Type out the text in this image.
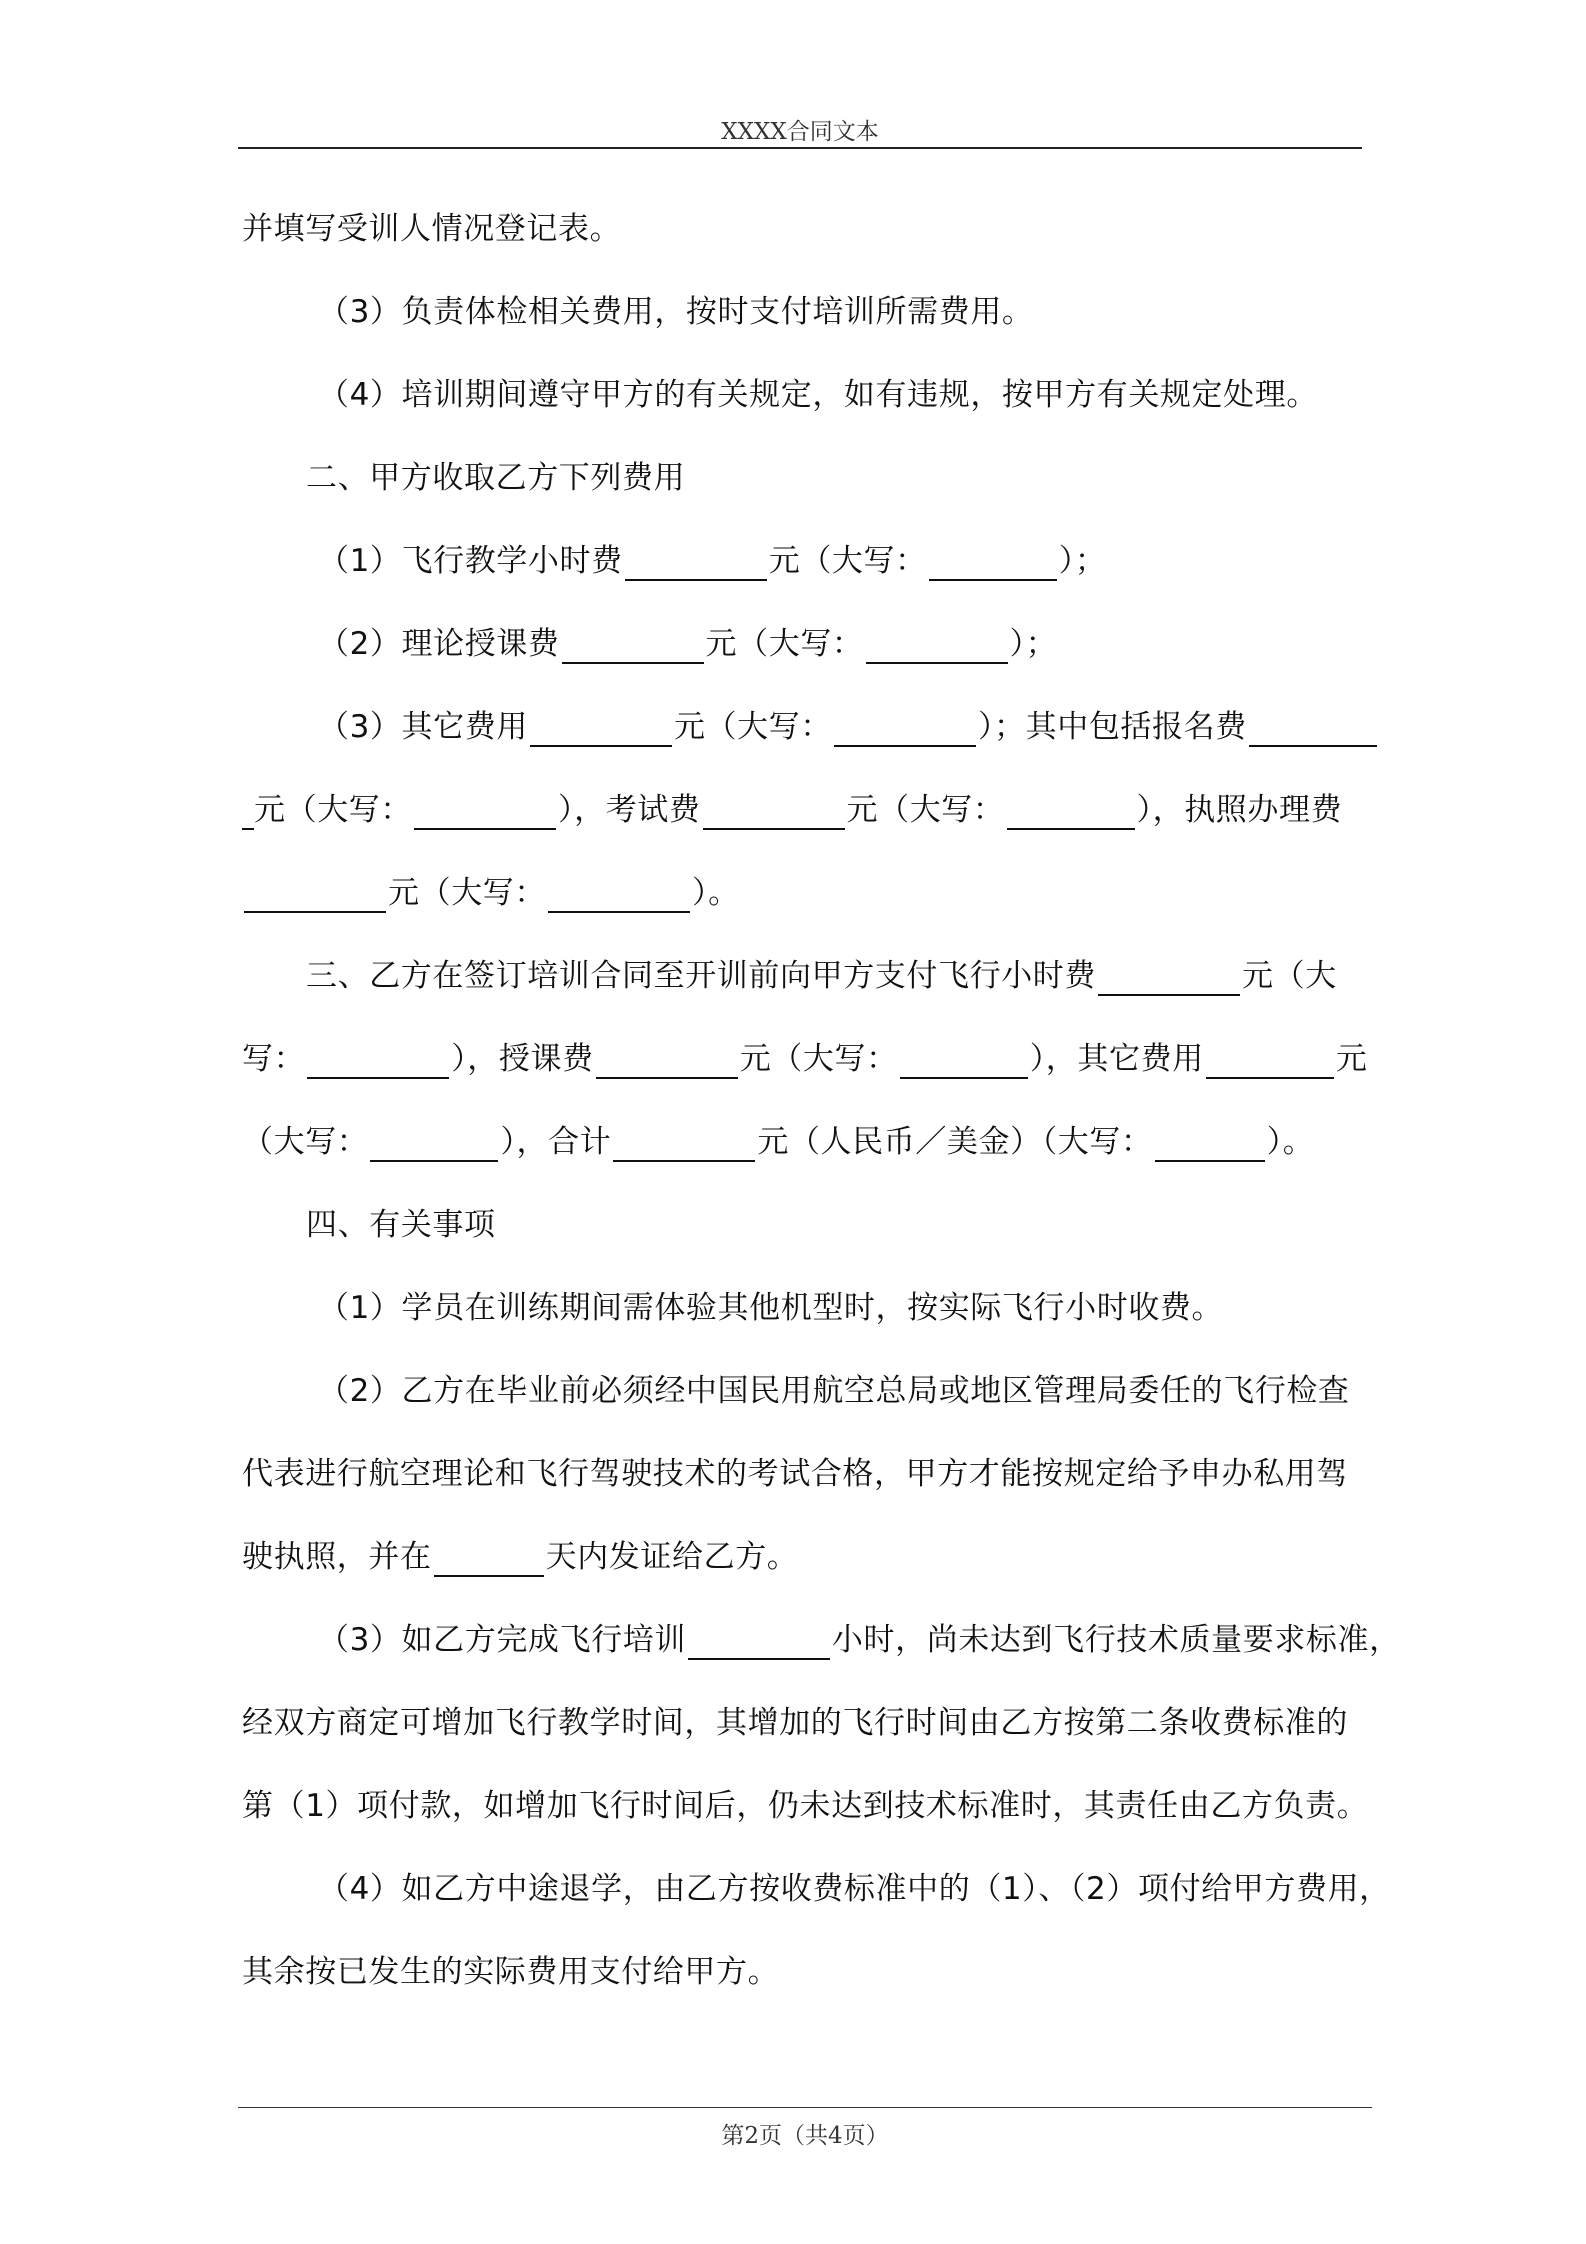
XXXX合同文本
并填写受训人情况登记表。
（3）负责体检相关费用，按时支付培训所需费用。
（4）培训期间遵守甲方的有关规定，如有违规，按甲方有关规定处理。
二、甲方收取乙方下列费用
（1）飞行教学小时费	元（大写：	）；
（2）理论授课费	元（大写：	）；
（3）其它费用	元（大写：	）；其中包括报名费
元（大写：	），考试费	元（大写：	），执照办理费
元（大写：	）。
三、乙方在签订培训合同至开训前向甲方支付飞行小时费	元（大
写：	），授课费	元（大写：	），其它费用	元
（大写：	），合计	元（人民币／美金）（大写：	）。
四、有关事项
（1）学员在训练期间需体验其他机型时，按实际飞行小时收费。
（2）乙方在毕业前必须经中国民用航空总局或地区管理局委任的飞行检查
代表进行航空理论和飞行驾驶技术的考试合格，甲方才能按规定给予申办私用驾
驶执照，并在	天内发证给乙方。
（3）如乙方完成飞行培训	小时，尚未达到飞行技术质量要求标准，
经双方商定可增加飞行教学时间，其增加的飞行时间由乙方按第二条收费标准的
第（1）项付款，如增加飞行时间后，仍未达到技术标准时，其责任由乙方负责。
（4）如乙方中途退学，由乙方按收费标准中的（1）、（2）项付给甲方费用，
其余按已发生的实际费用支付给甲方。
第2页（共4页）
